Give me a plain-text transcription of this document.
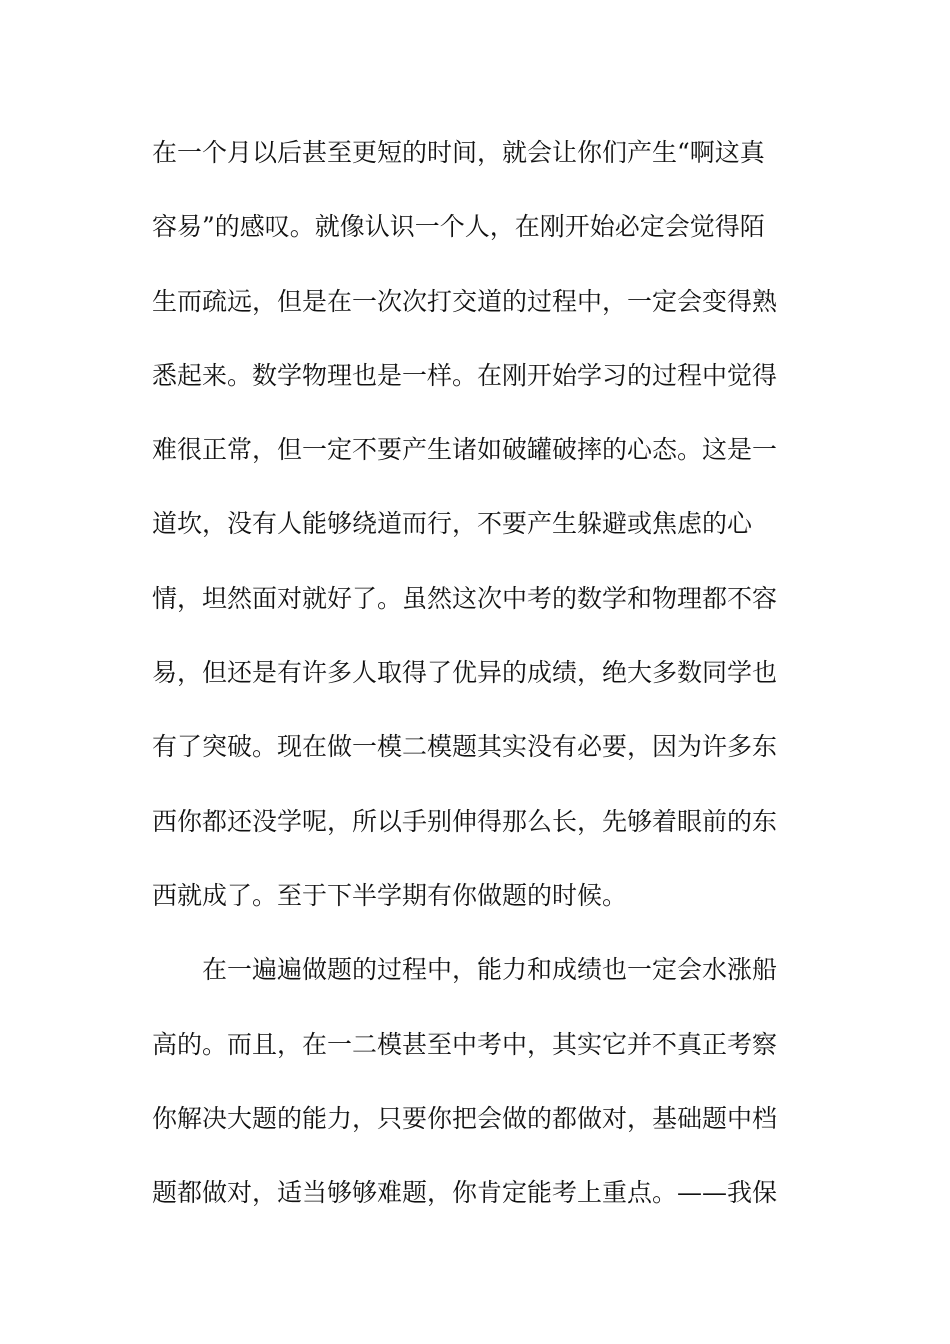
在一个月以后甚至更短的时间，就会让你们产生“啊这真
容易”的感叹。就像认识一个人，在刚开始必定会觉得陌
生而疏远，但是在一次次打交道的过程中，一定会变得熟
悉起来。数学物理也是一样。在刚开始学习的过程中觉得
难很正常，但一定不要产生诸如破罐破摔的心态。这是一
道坎，没有人能够绕道而行，不要产生躲避或焦虑的心
情，坦然面对就好了。虽然这次中考的数学和物理都不容
易，但还是有许多人取得了优异的成绩，绝大多数同学也
有了突破。现在做一模二模题其实没有必要，因为许多东
西你都还没学呢，所以手别伸得那么长，先够着眼前的东
西就成了。至于下半学期有你做题的时候。
　　在一遍遍做题的过程中，能力和成绩也一定会水涨船
高的。而且，在一二模甚至中考中，其实它并不真正考察
你解决大题的能力，只要你把会做的都做对，基础题中档
题都做对，适当够够难题，你肯定能考上重点。——我保
